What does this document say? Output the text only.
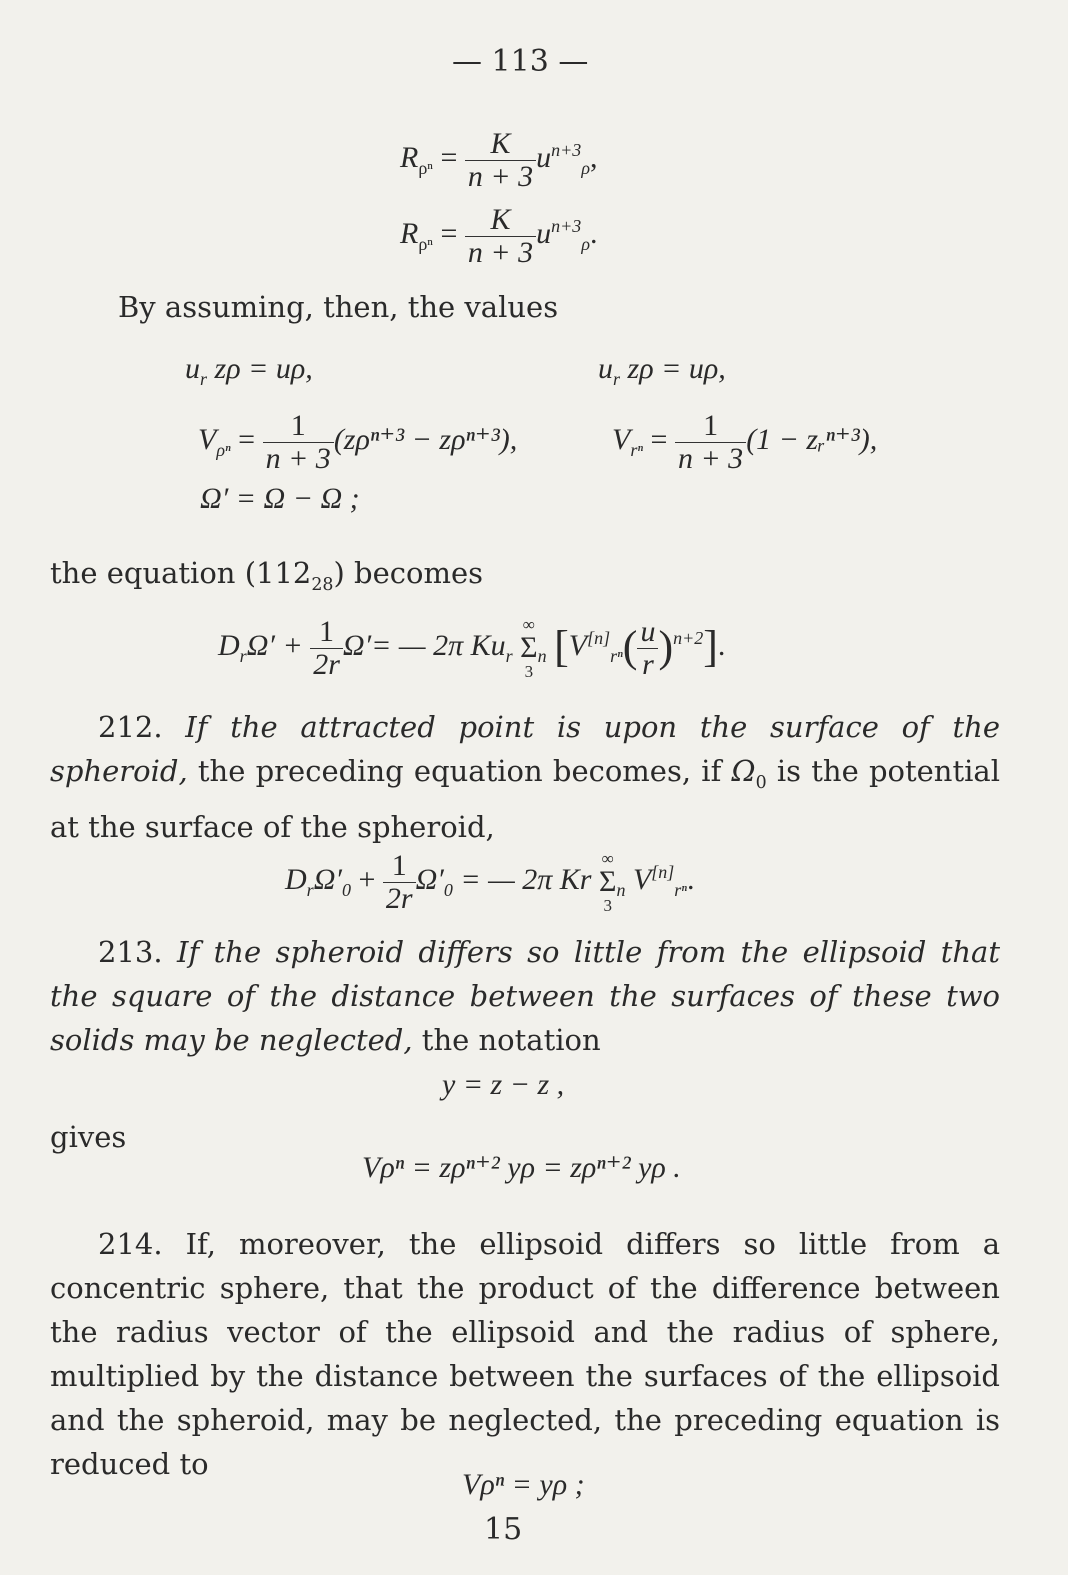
— 113 —
$R_{\rho^n} = \frac{K}{n + 3} u^{n+3}_\rho$,
$R_{\rho^n} = \frac{K}{n + 3} u^{n+3}_\rho$.
By assuming, then, the values
$u_r$ zρ = uρ,	$u_r$ zρ = uρ,
$V_{\rho^n} = \frac{1}{n + 3} (z\rho^{n+3} - z\rho^{n+3})$,	$V_{r^n} = \frac{1}{n + 3} (1$ − zᵣⁿ⁺³),
Ω′ = Ω − Ω ;
the equation $(112_{28})$ becomes
$D_r\Omega' + \frac{1}{2r} \Omega'=$ — 2π $Ku_r$
∞
Σ
3
$_n$ $[V[n]_{r^n}( \frac{u}{r} )^{n+2}]$.
212. If the attracted point is upon the surface of the spheroid, the preceding equation becomes, if $\Omega_0$ is the potential at the surface of the spheroid,
$D_r\Omega'_0 + \frac{1}{2r} \Omega'_0$ = — 2π Kr
∞
Σ
3
$_n$ $V[n]_{r^n}$.
213. If the spheroid differs so little from the ellipsoid that the square of the distance between the surfaces of these two solids may be neglected, the notation
y = z − z ,
gives
Vρⁿ = zρⁿ⁺² yρ = zρⁿ⁺² yρ .
214. If, moreover, the ellipsoid differs so little from a concentric sphere, that the product of the difference between the radius vector of the ellipsoid and the radius of sphere, multiplied by the distance between the surfaces of the ellipsoid and the spheroid, may be neglected, the preceding equation is reduced to
Vρⁿ = yρ ;
15
